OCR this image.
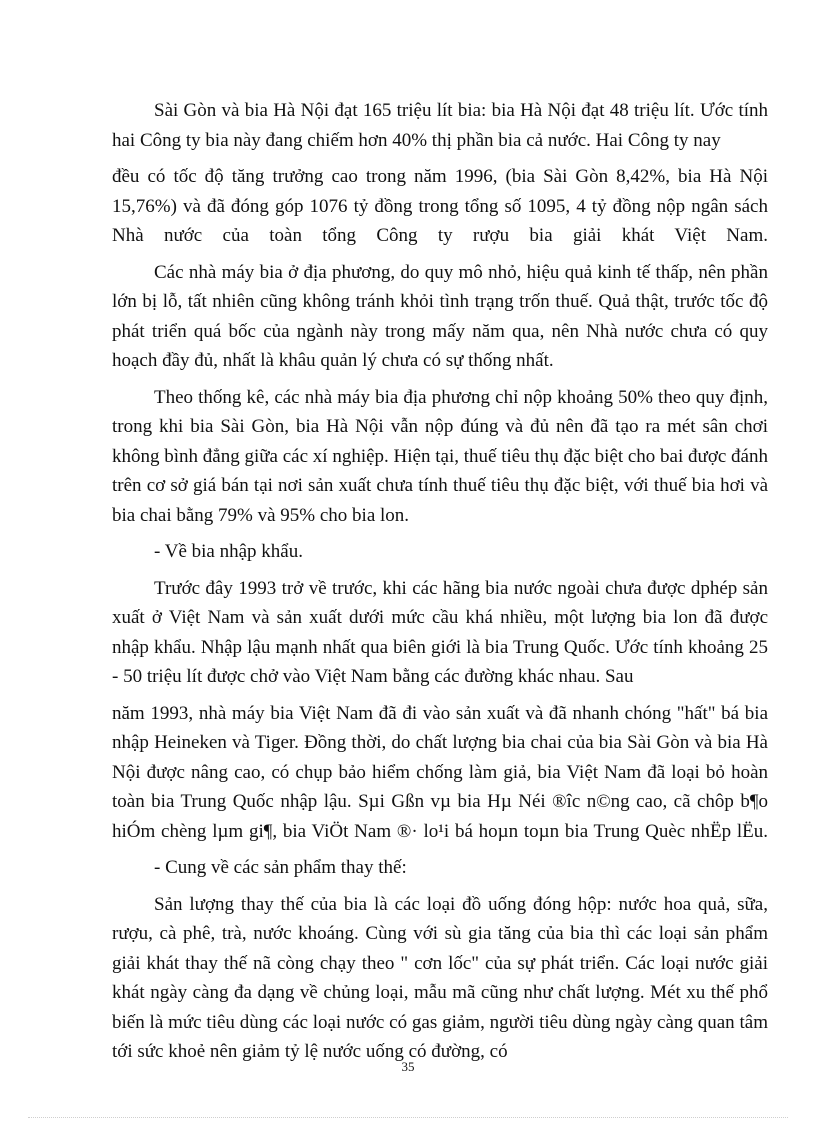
Sài Gòn và bia Hà Nội đạt 165 triệu lít bia: bia Hà Nội đạt 48 triệu lít. Ước tính hai Công ty bia này đang chiếm hơn 40% thị phần bia cả nước. Hai Công ty nay

đều có tốc độ tăng trưởng cao trong năm 1996, (bia Sài Gòn 8,42%, bia Hà Nội 15,76%) và đã đóng góp 1076 tỷ đồng trong tổng số 1095, 4 tỷ đồng nộp ngân sách Nhà nước của toàn tổng Công ty rượu bia giải khát Việt Nam.

Các nhà máy bia ở địa phương, do quy mô nhỏ, hiệu quả kinh tế thấp, nên phần lớn bị lỗ, tất nhiên cũng không tránh khỏi tình trạng trốn thuế. Quả thật, trước tốc độ phát triển quá bốc của ngành này trong mấy năm qua, nên Nhà nước chưa có quy hoạch đầy đủ, nhất là khâu quản lý chưa có sự thống nhất.

Theo thống kê, các nhà máy bia địa phương chỉ nộp khoảng 50% theo quy định, trong khi bia Sài Gòn, bia Hà Nội vẫn nộp đúng và đủ nên đã tạo ra mét sân chơi không bình đẳng giữa các xí nghiệp. Hiện tại, thuế tiêu thụ đặc biệt cho bai được đánh trên cơ sở giá bán tại nơi sản xuất chưa tính thuế tiêu thụ đặc biệt, với thuế bia hơi và bia chai bằng 79% và 95% cho bia lon.

- Về bia nhập khẩu.

Trước đây 1993 trở về trước, khi các hãng bia nước ngoài chưa được dphép sản xuất ở Việt Nam và sản xuất dưới mức cầu khá nhiều, một lượng bia lon đã được nhập khẩu. Nhập lậu mạnh nhất qua biên giới là bia Trung Quốc. Ước tính khoảng 25 - 50 triệu lít được chở vào Việt Nam bằng các đường khác nhau. Sau

năm 1993, nhà máy bia Việt Nam đã đi vào sản xuất và đã nhanh chóng "hất" bá bia nhập Heineken và Tiger. Đồng thời, do chất lượng bia chai của bia Sài Gòn và bia Hà Nội được nâng cao, có chụp bảo hiểm chống làm giả, bia Việt Nam đã loại bỏ hoàn toàn bia Trung Quốc nhập lậu. Sµi Gßn vµ bia Hµ Néi ®îc n©ng cao, cã chôp b¶o hiÓm chèng lµm gi¶, bia ViÖt Nam ®· lo¹i bá hoµn toµn bia Trung Quèc nhËp lËu.

- Cung về các sản phẩm thay thế:

Sản lượng thay thế của bia là các loại đồ uống đóng hộp: nước hoa quả, sữa, rượu, cà phê, trà, nước khoáng. Cùng với sù gia tăng của bia thì các loại sản phẩm giải khát thay thế nã còng chạy theo " cơn lốc" của sự phát triển. Các loại nước giải khát ngày càng đa dạng về chủng loại, mẫu mã cũng như chất lượng. Mét xu thế phổ biến là mức tiêu dùng các loại nước có gas giảm, người tiêu dùng ngày càng quan tâm tới sức khoẻ nên giảm tỷ lệ nước uống có đường, có

35
